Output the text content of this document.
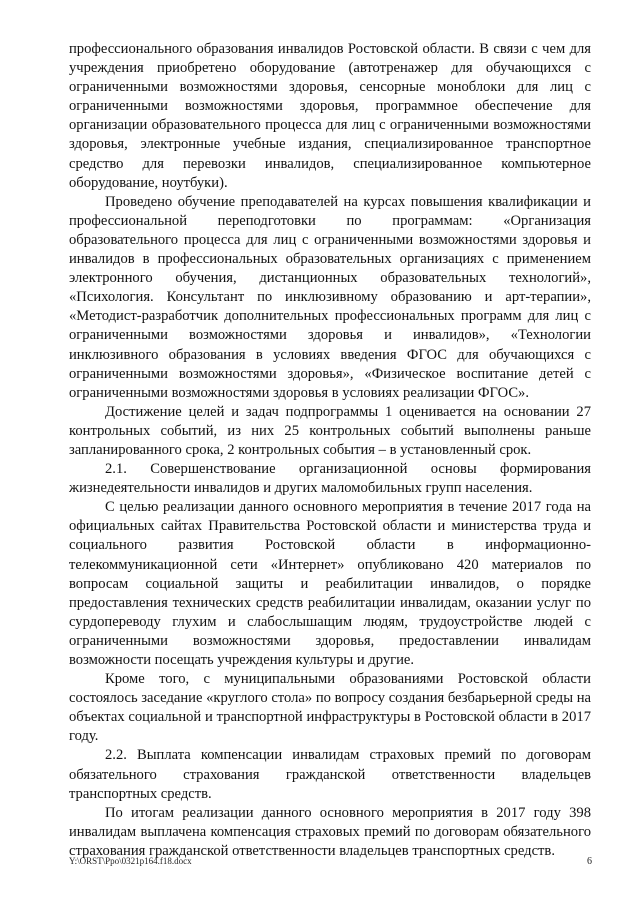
профессионального образования инвалидов Ростовской области. В связи с чем для учреждения приобретено оборудование (автотренажер для обучающихся с ограниченными возможностями здоровья, сенсорные моноблоки для лиц с ограниченными возможностями здоровья, программное обеспечение для организации образовательного процесса для лиц с ограниченными возможностями здоровья, электронные учебные издания, специализированное транспортное средство для перевозки инвалидов, специализированное компьютерное оборудование, ноутбуки).

Проведено обучение преподавателей на курсах повышения квалификации и профессиональной переподготовки по программам: «Организация образовательного процесса для лиц с ограниченными возможностями здоровья и инвалидов в профессиональных образовательных организациях с применением электронного обучения, дистанционных образовательных технологий», «Психология. Консультант по инклюзивному образованию и арт-терапии», «Методист-разработчик дополнительных профессиональных программ для лиц с ограниченными возможностями здоровья и инвалидов», «Технологии инклюзивного образования в условиях введения ФГОС для обучающихся с ограниченными возможностями здоровья», «Физическое воспитание детей с ограниченными возможностями здоровья в условиях реализации ФГОС».

Достижение целей и задач подпрограммы 1 оценивается на основании 27 контрольных событий, из них 25 контрольных событий выполнены раньше запланированного срока, 2 контрольных события – в установленный срок.

2.1. Совершенствование организационной основы формирования жизнедеятельности инвалидов и других маломобильных групп населения.

С целью реализации данного основного мероприятия в течение 2017 года на официальных сайтах Правительства Ростовской области и министерства труда и социального развития Ростовской области в информационно-телекоммуникационной сети «Интернет» опубликовано 420 материалов по вопросам социальной защиты и реабилитации инвалидов, о порядке предоставления технических средств реабилитации инвалидам, оказании услуг по сурдопереводу глухим и слабослышащим людям, трудоустройстве людей с ограниченными возможностями здоровья, предоставлении инвалидам возможности посещать учреждения культуры и другие.

Кроме того, с муниципальными образованиями Ростовской области состоялось заседание «круглого стола» по вопросу создания безбарьерной среды на объектах социальной и транспортной инфраструктуры в Ростовской области в 2017 году.

2.2. Выплата компенсации инвалидам страховых премий по договорам обязательного страхования гражданской ответственности владельцев транспортных средств.

По итогам реализации данного основного мероприятия в 2017 году 398 инвалидам выплачена компенсация страховых премий по договорам обязательного страхования гражданской ответственности владельцев транспортных средств.

Y:\ORST\Ppo\0321p164.f18.docx	6
